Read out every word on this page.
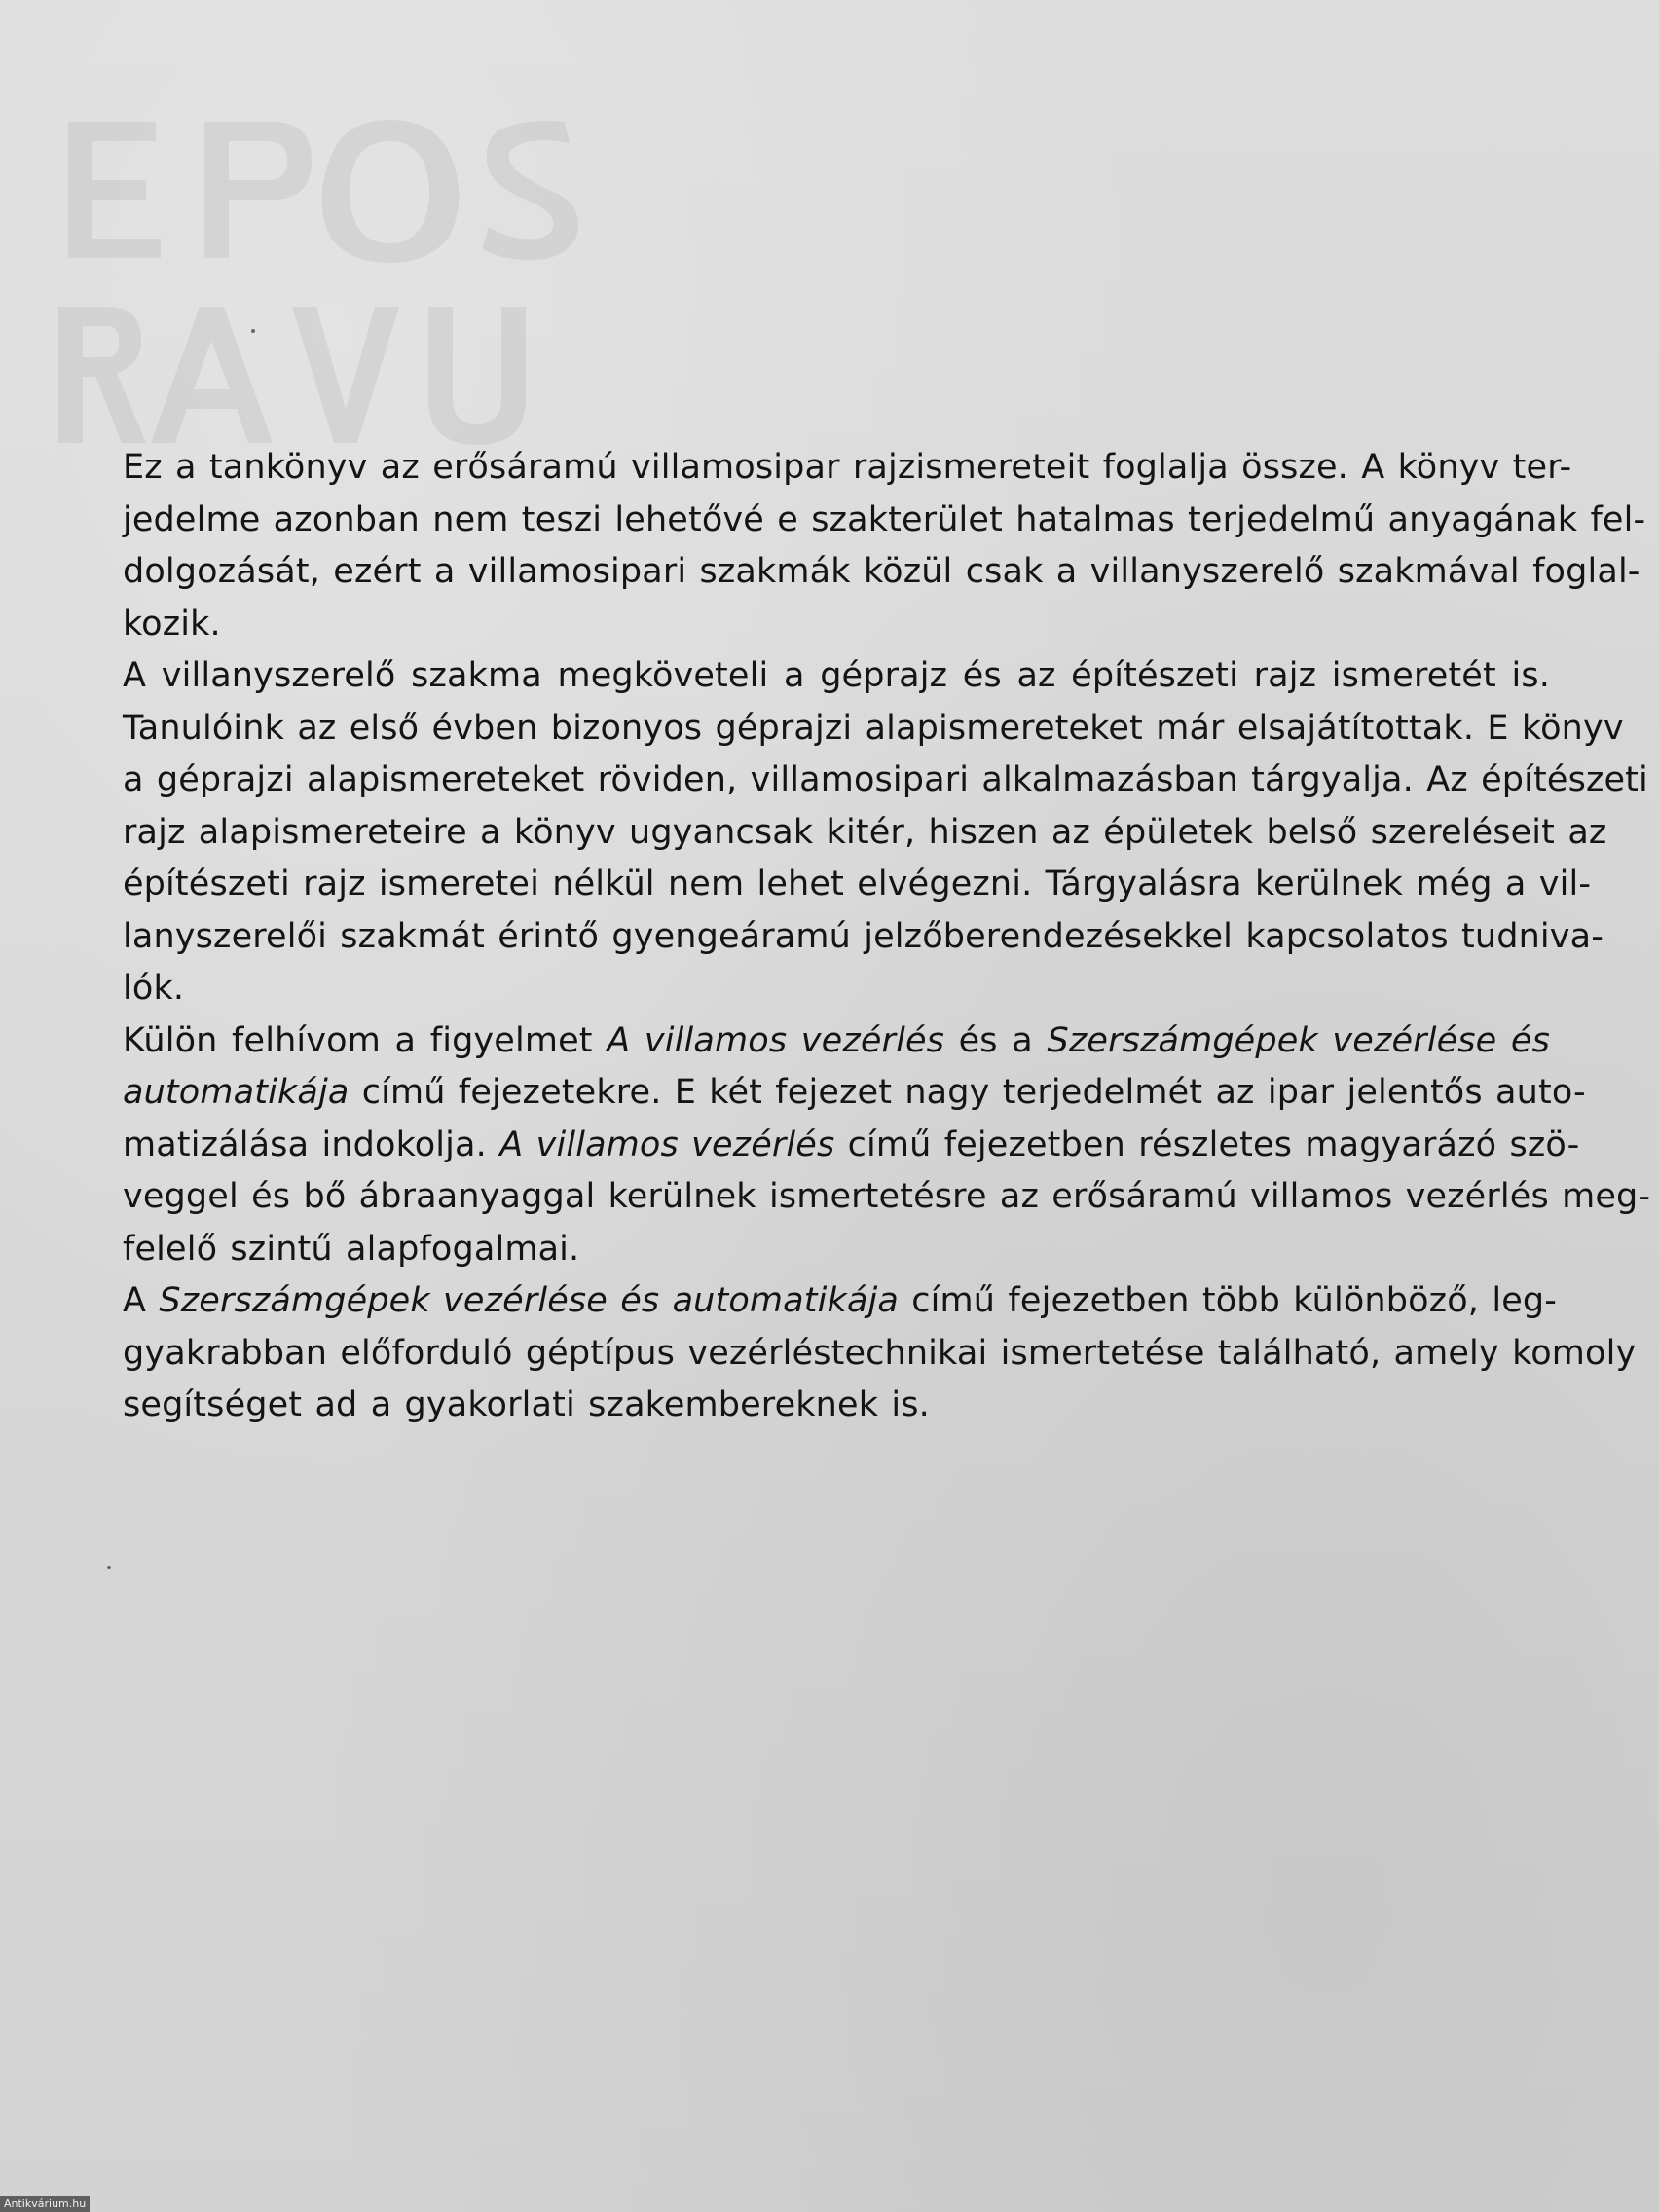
Ez a tankönyv az erősáramú villamosipar rajzismereteit foglalja össze. A könyv ter-
jedelme azonban nem teszi lehetővé e szakterület hatalmas terjedelmű anyagának fel-
dolgozását, ezért a villamosipari szakmák közül csak a villanyszerelő szakmával foglal-
kozik.
A villanyszerelő szakma megköveteli a géprajz és az építészeti rajz ismeretét is.
Tanulóink az első évben bizonyos géprajzi alapismereteket már elsajátítottak. E könyv
a géprajzi alapismereteket röviden, villamosipari alkalmazásban tárgyalja. Az építészeti
rajz alapismereteire a könyv ugyancsak kitér, hiszen az épületek belső szereléseit az
építészeti rajz ismeretei nélkül nem lehet elvégezni. Tárgyalásra kerülnek még a vil-
lanyszerelői szakmát érintő gyengeáramú jelzőberendezésekkel kapcsolatos tudniva-
lók.
Külön felhívom a figyelmet A villamos vezérlés és a Szerszámgépek vezérlése és
automatikája című fejezetekre. E két fejezet nagy terjedelmét az ipar jelentős auto-
matizálása indokolja. A villamos vezérlés című fejezetben részletes magyarázó szö-
veggel és bő ábraanyaggal kerülnek ismertetésre az erősáramú villamos vezérlés meg-
felelő szintű alapfogalmai.
A Szerszámgépek vezérlése és automatikája című fejezetben több különböző, leg-
gyakrabban előforduló géptípus vezérléstechnikai ismertetése található, amely komoly
segítséget ad a gyakorlati szakembereknek is.
Antikvárium.hu
